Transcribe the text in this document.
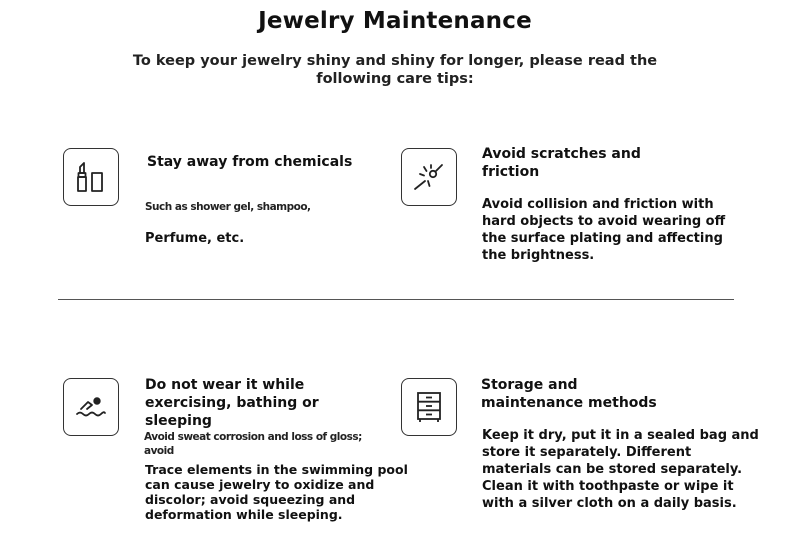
Jewelry Maintenance
To keep your jewelry shiny and shiny for longer, please read the following care tips:
Stay away from chemicals
Such as shower gel, shampoo,
Perfume, etc.
Avoid scratches and friction
Avoid collision and friction with hard objects to avoid wearing off the surface plating and affecting the brightness.
Do not wear it while exercising, bathing or sleeping
Avoid sweat corrosion and loss of gloss; avoid
Trace elements in the swimming pool can cause jewelry to oxidize and discolor; avoid squeezing and deformation while sleeping.
Storage and maintenance methods
Keep it dry, put it in a sealed bag and store it separately. Different materials can be stored separately. Clean it with toothpaste or wipe it with a silver cloth on a daily basis.
